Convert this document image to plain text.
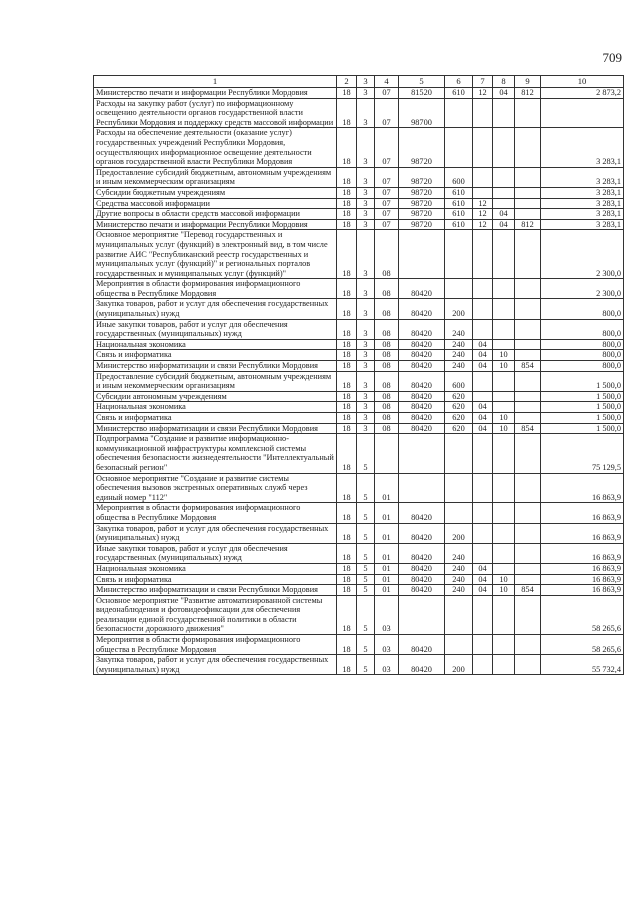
709
1	2	3	4	5	6	7	8	9	10
Министерство печати и информации Республики Мордовия	18	3	07	81520	610	12	04	812	2 873,2
Расходы на закупку работ (услуг) по информационному освещению деятельности органов государственной власти Республики Мордовия и поддержку средств массовой информации	18	3	07	98700					
Расходы на обеспечение деятельности (оказание услуг) государственных учреждений Республики Мордовия, осуществляющих информационное освещение деятельности органов государственной власти Республики Мордовия	18	3	07	98720					3 283,1
Предоставление субсидий бюджетным, автономным учреждениям и иным некоммерческим организациям	18	3	07	98720	600				3 283,1
Субсидии бюджетным учреждениям	18	3	07	98720	610				3 283,1
Средства массовой информации	18	3	07	98720	610	12			3 283,1
Другие вопросы в области средств массовой информации	18	3	07	98720	610	12	04		3 283,1
Министерство печати и информации Республики Мордовия	18	3	07	98720	610	12	04	812	3 283,1
Основное мероприятие "Перевод государственных и муниципальных услуг (функций) в электронный вид, в том числе развитие АИС "Республиканский реестр государственных и муниципальных услуг (функций)" и региональных порталов государственных и муниципальных услуг (функций)"	18	3	08						2 300,0
Мероприятия в области формирования информационного общества в Республике Мордовия	18	3	08	80420					2 300,0
Закупка товаров, работ и услуг для обеспечения государственных (муниципальных) нужд	18	3	08	80420	200				800,0
Иные закупки товаров, работ и услуг для обеспечения государственных (муниципальных) нужд	18	3	08	80420	240				800,0
Национальная экономика	18	3	08	80420	240	04			800,0
Связь и информатика	18	3	08	80420	240	04	10		800,0
Министерство информатизации и связи Республики Мордовия	18	3	08	80420	240	04	10	854	800,0
Предоставление субсидий бюджетным, автономным учреждениям и иным некоммерческим организациям	18	3	08	80420	600				1 500,0
Субсидии автономным учреждениям	18	3	08	80420	620				1 500,0
Национальная экономика	18	3	08	80420	620	04			1 500,0
Связь и информатика	18	3	08	80420	620	04	10		1 500,0
Министерство информатизации и связи Республики Мордовия	18	3	08	80420	620	04	10	854	1 500,0
Подпрограмма "Создание и развитие информационно-коммуникационной инфраструктуры комплексной системы обеспечения безопасности жизнедеятельности "Интеллектуальный безопасный регион"	18	5							75 129,5
Основное мероприятие "Создание и развитие системы обеспечения вызовов экстренных оперативных служб через единый номер "112"	18	5	01						16 863,9
Мероприятия в области формирования информационного общества в Республике Мордовия	18	5	01	80420					16 863,9
Закупка товаров, работ и услуг для обеспечения государственных (муниципальных) нужд	18	5	01	80420	200				16 863,9
Иные закупки товаров, работ и услуг для обеспечения государственных (муниципальных) нужд	18	5	01	80420	240				16 863,9
Национальная экономика	18	5	01	80420	240	04			16 863,9
Связь и информатика	18	5	01	80420	240	04	10		16 863,9
Министерство информатизации и связи Республики Мордовия	18	5	01	80420	240	04	10	854	16 863,9
Основное мероприятие "Развитие автоматизированной системы видеонаблюдения и фотовидеофиксации для обеспечения реализации единой государственной политики в области безопасности дорожного движения"	18	5	03						58 265,6
Мероприятия в области формирования информационного общества в Республике Мордовия	18	5	03	80420					58 265,6
Закупка товаров, работ и услуг для обеспечения государственных (муниципальных) нужд	18	5	03	80420	200				55 732,4
